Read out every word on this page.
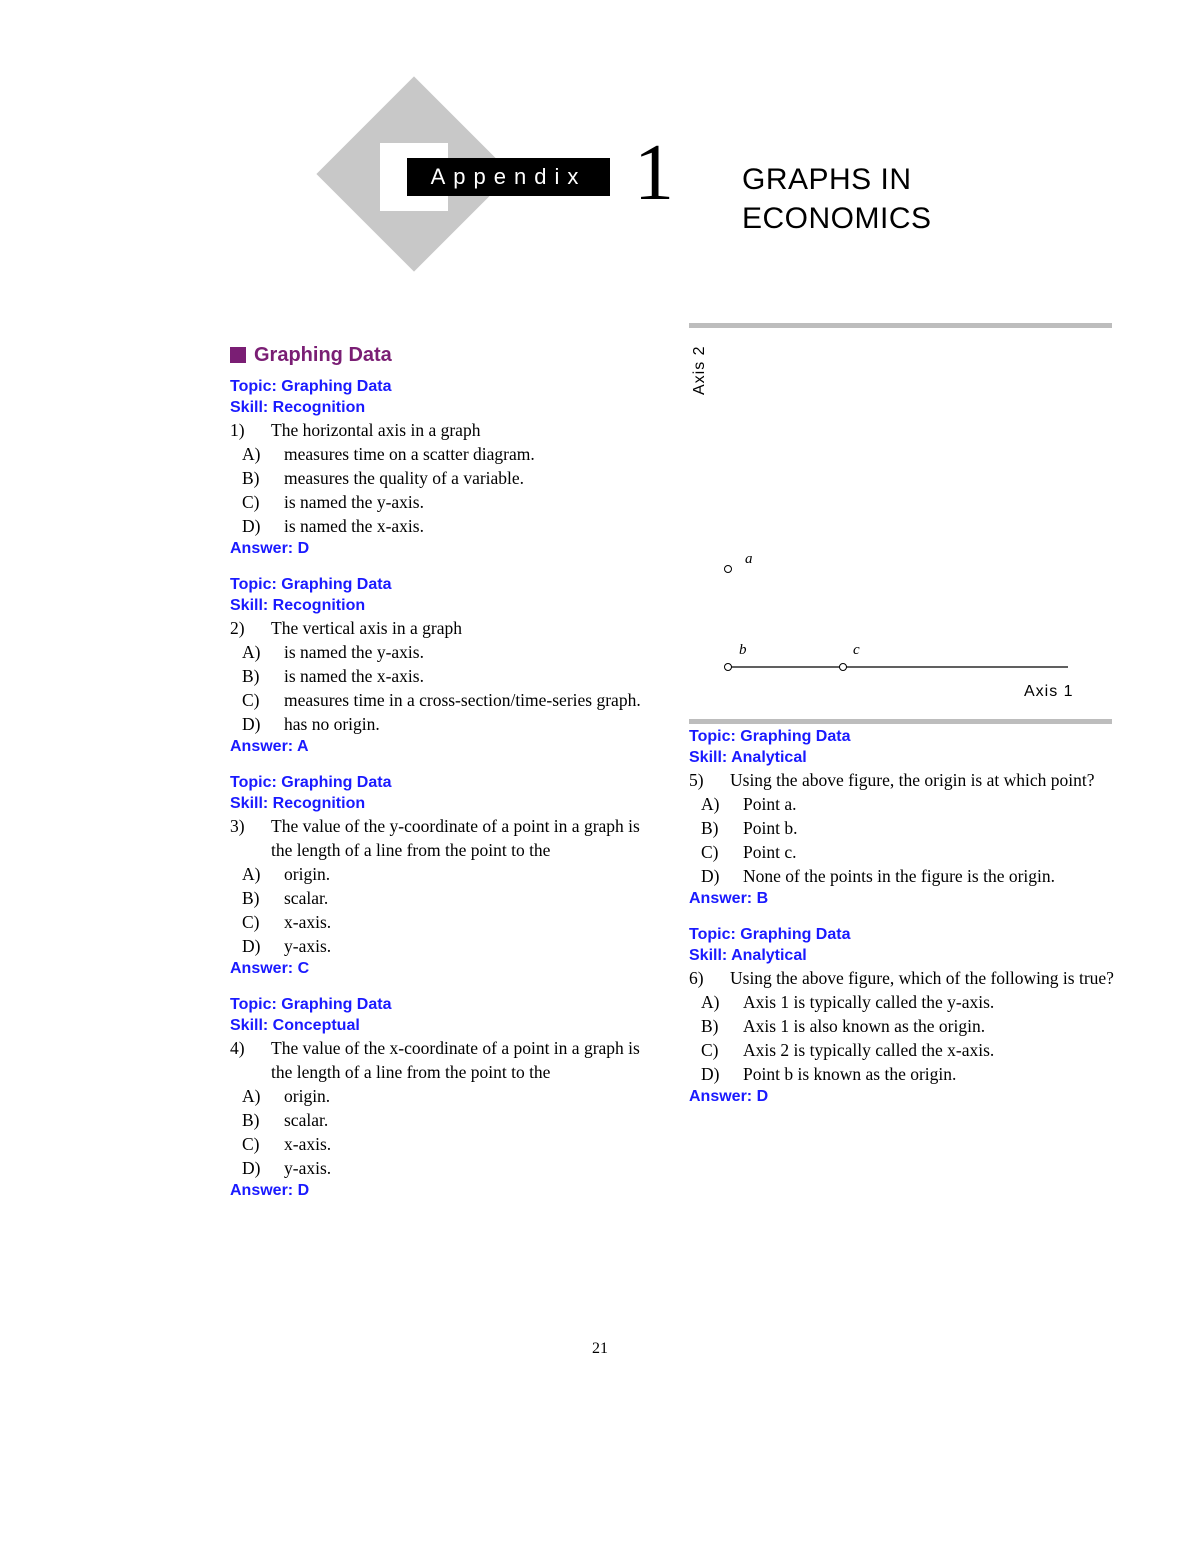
Appendix 1 GRAPHS IN
ECONOMICS
Graphing Data
Topic: Graphing Data
Skill: Recognition
1)	The horizontal axis in a graph
A)	measures time on a scatter diagram.
B)	measures the quality of a variable.
C)	is named the y-axis.
D)	is named the x-axis.
Answer: D
Topic: Graphing Data
Skill: Recognition
2)	The vertical axis in a graph
A)	is named the y-axis.
B)	is named the x-axis.
C)	measures time in a cross-section/time-series graph.
D)	has no origin.
Answer: A
Topic: Graphing Data
Skill: Recognition
3)	The value of the y-coordinate of a point in a graph is the length of a line from the point to the
A)	origin.
B)	scalar.
C)	x-axis.
D)	y-axis.
Answer: C
Topic: Graphing Data
Skill: Conceptual
4)	The value of the x-coordinate of a point in a graph is the length of a line from the point to the
A)	origin.
B)	scalar.
C)	x-axis.
D)	y-axis.
Answer: D
Axis 2
Axis 1
a
b	c
Topic: Graphing Data
Skill: Analytical
5)	Using the above figure, the origin is at which point?
A)	Point a.
B)	Point b.
C)	Point c.
D)	None of the points in the figure is the origin.
Answer: B
Topic: Graphing Data
Skill: Analytical
6)	Using the above figure, which of the following is true?
A)	Axis 1 is typically called the y-axis.
B)	Axis 1 is also known as the origin.
C)	Axis 2 is typically called the x-axis.
D)	Point b is known as the origin.
Answer: D
21
